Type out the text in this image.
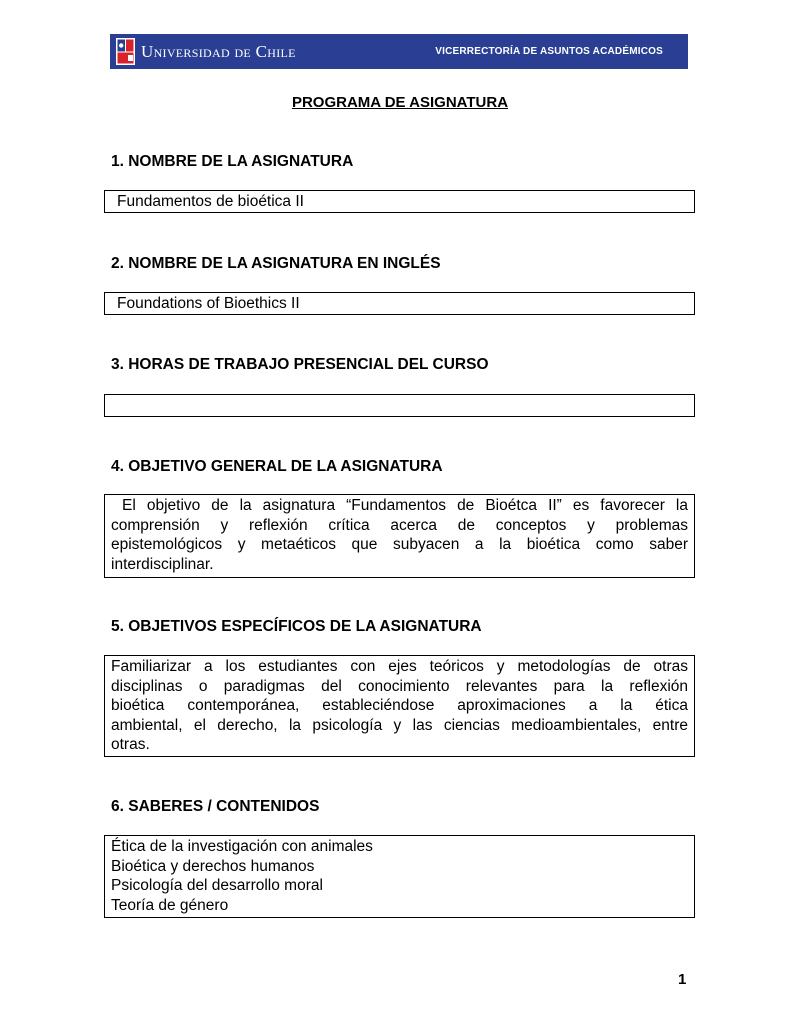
Universidad de Chile	VICERRECTORÍA DE ASUNTOS ACADÉMICOS
PROGRAMA DE ASIGNATURA
1. NOMBRE DE LA ASIGNATURA
Fundamentos de bioética II
2. NOMBRE DE LA ASIGNATURA EN INGLÉS
Foundations of Bioethics II
3. HORAS DE TRABAJO PRESENCIAL DEL CURSO
4. OBJETIVO GENERAL DE LA ASIGNATURA
El objetivo de la asignatura “Fundamentos de Bioétca II” es favorecer la
comprensión y reflexión crítica acerca de conceptos y problemas
epistemológicos y metaéticos que subyacen a la bioética como saber
interdisciplinar.
5. OBJETIVOS ESPECÍFICOS DE LA ASIGNATURA
Familiarizar a los estudiantes con ejes teóricos y metodologías de otras
disciplinas o paradigmas del conocimiento relevantes para la reflexión
bioética contemporánea, estableciéndose aproximaciones a la ética
ambiental, el derecho, la psicología y las ciencias medioambientales, entre
otras.
6. SABERES / CONTENIDOS
Ética de la investigación con animales
Bioética y derechos humanos
Psicología del desarrollo moral
Teoría de género
1
